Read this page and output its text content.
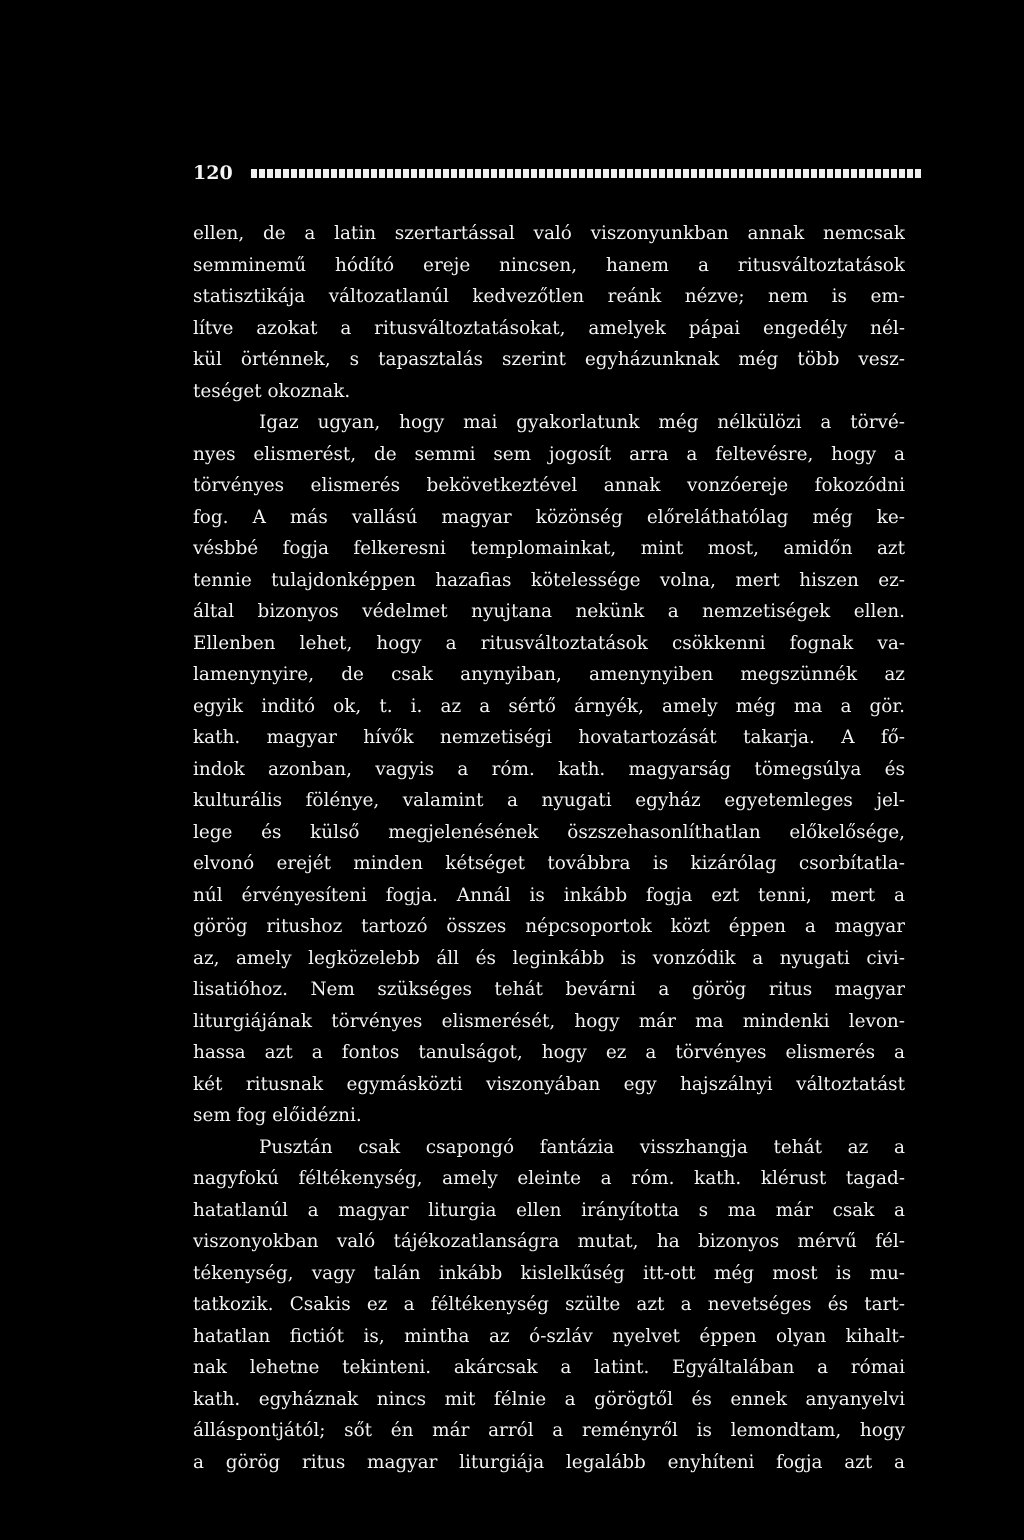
120
ellen, de a latin szertartással való viszonyunkban annak nemcsak
semminemű hódító ereje nincsen, hanem a ritusváltoztatások
statisztikája változatlanúl kedvezőtlen reánk nézve; nem is em-
lítve azokat a ritusváltoztatásokat, amelyek pápai engedély nél-
kül örténnek, s tapasztalás szerint egyházunknak még több vesz-
teséget okoznak.
Igaz ugyan, hogy mai gyakorlatunk még nélkülözi a törvé-
nyes elismerést, de semmi sem jogosít arra a feltevésre, hogy a
törvényes elismerés bekövetkeztével annak vonzóereje fokozódni
fog. A más vallású magyar közönség előreláthatólag még ke-
vésbbé fogja felkeresni templomainkat, mint most, amidőn azt
tennie tulajdonképpen hazafias kötelessége volna, mert hiszen ez-
által bizonyos védelmet nyujtana nekünk a nemzetiségek ellen.
Ellenben lehet, hogy a ritusváltoztatások csökkenni fognak va-
lamenynyire, de csak anynyiban, amenynyiben megszünnék az
egyik inditó ok, t. i. az a sértő árnyék, amely még ma a gör.
kath. magyar hívők nemzetiségi hovatartozását takarja. A fő-
indok azonban, vagyis a róm. kath. magyarság tömegsúlya és
kulturális fölénye, valamint a nyugati egyház egyetemleges jel-
lege és külső megjelenésének öszszehasonlíthatlan előkelősége,
elvonó erejét minden kétséget továbbra is kizárólag csorbítatla-
núl érvényesíteni fogja. Annál is inkább fogja ezt tenni, mert a
görög ritushoz tartozó összes népcsoportok közt éppen a magyar
az, amely legközelebb áll és leginkább is vonzódik a nyugati civi-
lisatióhoz. Nem szükséges tehát bevárni a görög ritus magyar
liturgiájának törvényes elismerését, hogy már ma mindenki levon-
hassa azt a fontos tanulságot, hogy ez a törvényes elismerés a
két ritusnak egymásközti viszonyában egy hajszálnyi változtatást
sem fog előidézni.
Pusztán csak csapongó fantázia visszhangja tehát az a
nagyfokú féltékenység, amely eleinte a róm. kath. klérust tagad-
hatatlanúl a magyar liturgia ellen irányította s ma már csak a
viszonyokban való tájékozatlanságra mutat, ha bizonyos mérvű fél-
tékenység, vagy talán inkább kislelkűség itt-ott még most is mu-
tatkozik. Csakis ez a féltékenység szülte azt a nevetséges és tart-
hatatlan fictiót is, mintha az ó-szláv nyelvet éppen olyan kihalt-
nak lehetne tekinteni. akárcsak a latint. Egyáltalában a római
kath. egyháznak nincs mit félnie a görögtől és ennek anyanyelvi
álláspontjától; sőt én már arról a reményről is lemondtam, hogy
a görög ritus magyar liturgiája legalább enyhíteni fogja azt a
